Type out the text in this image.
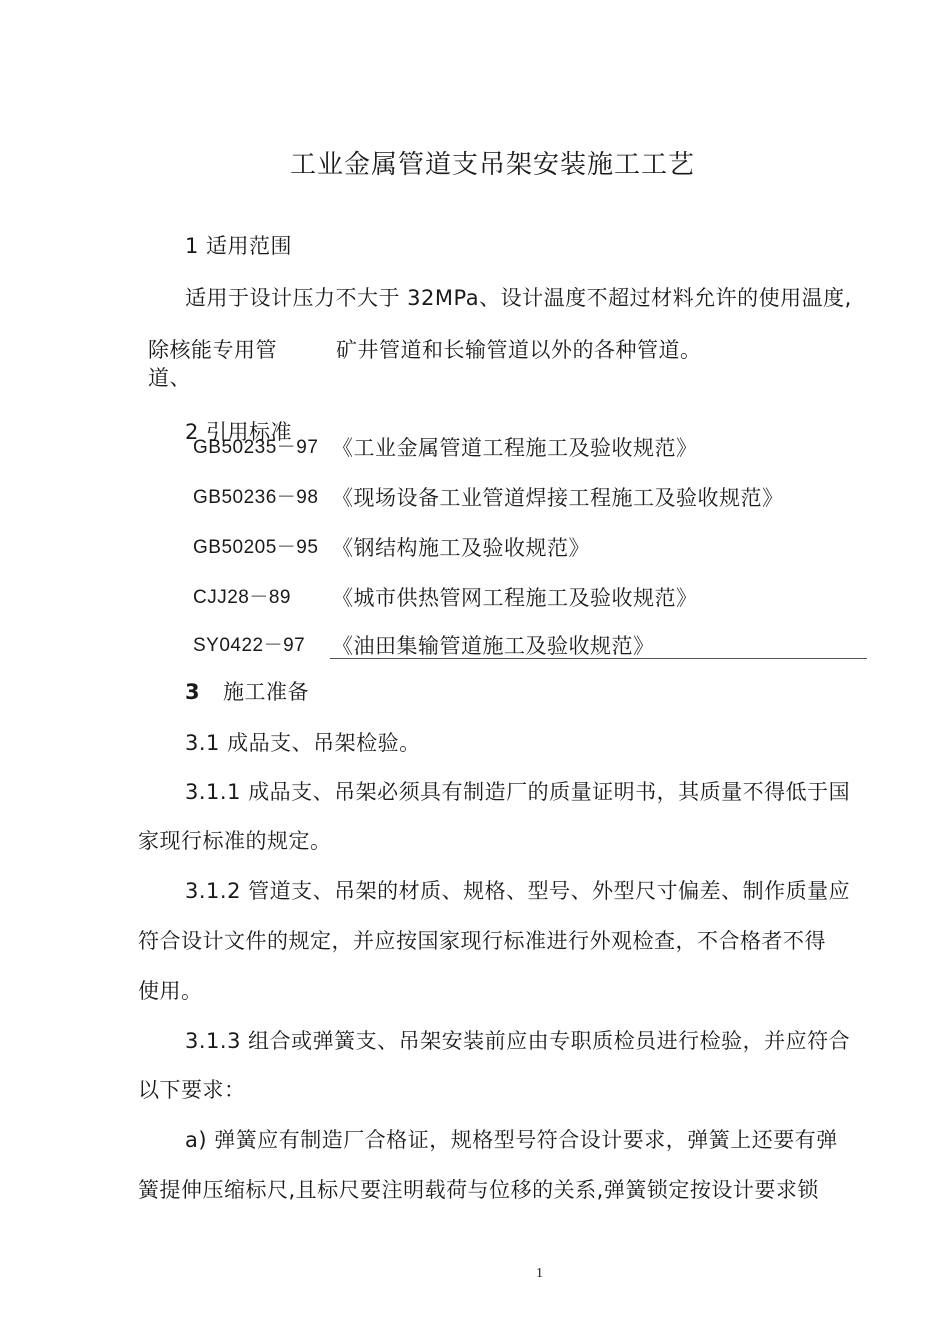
工业金属管道支吊架安装施工工艺
1 适用范围
适用于设计压力不大于 32MPa、设计温度不超过材料允许的使用温度,
除核能专用管
道、
矿井管道和长输管道以外的各种管道。
2 引用标准
GB50235－97 《工业金属管道工程施工及验收规范》
GB50236－98 《现场设备工业管道焊接工程施工及验收规范》
GB50205－95 《钢结构施工及验收规范》
CJJ28－89 《城市供热管网工程施工及验收规范》
SY0422－97 《油田集输管道施工及验收规范》
3 施工准备
3.1 成品支、吊架检验。
3.1.1 成品支、吊架必须具有制造厂的质量证明书，其质量不得低于国
家现行标准的规定。
3.1.2 管道支、吊架的材质、规格、型号、外型尺寸偏差、制作质量应
符合设计文件的规定，并应按国家现行标准进行外观检查，不合格者不得
使用。
3.1.3 组合或弹簧支、吊架安装前应由专职质检员进行检验，并应符合
以下要求：
a) 弹簧应有制造厂合格证，规格型号符合设计要求，弹簧上还要有弹
簧提伸压缩标尺,且标尺要注明载荷与位移的关系,弹簧锁定按设计要求锁
1
